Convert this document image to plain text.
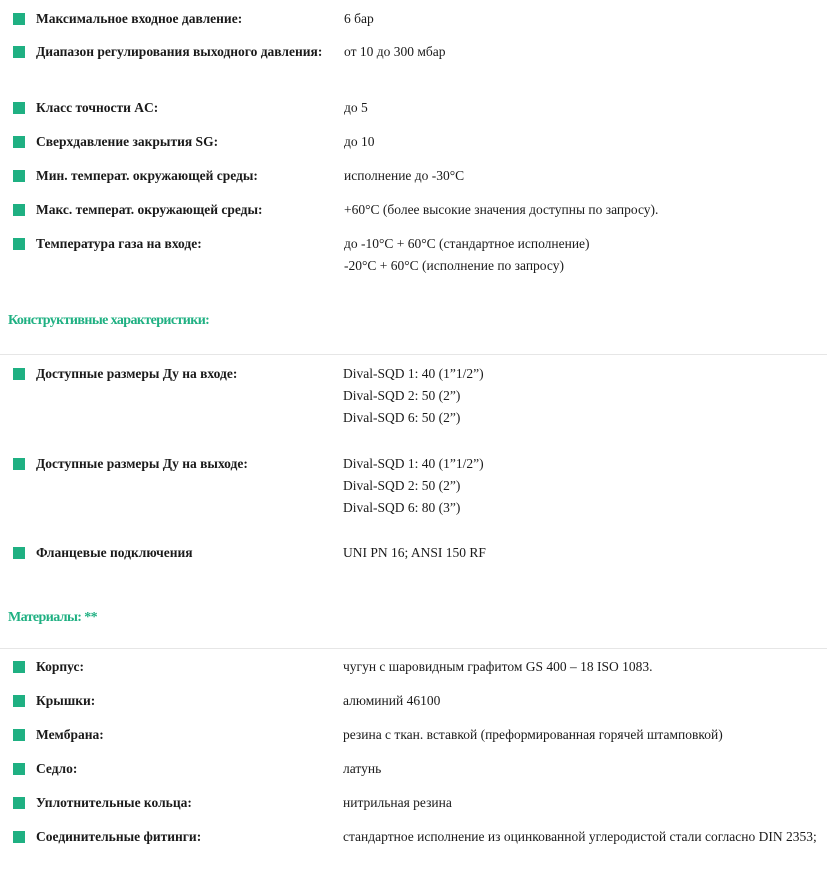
Максимальное входное давление:	6 бар
Диапазон регулирования выходного давления:	от 10 до 300 мбар
Класс точности AC:	до 5
Сверхдавление закрытия SG:	до 10
Мин. температ. окружающей среды:	исполнение до -30°C
Макс. температ. окружающей среды:	+60°C (более высокие значения доступны по запросу).
Температура газа на входе:	до -10°C + 60°C (стандартное исполнение)
-20°C + 60°C (исполнение по запросу)
Конструктивные характеристики:
Доступные размеры Ду на входе:	Dival-SQD 1: 40 (1”1/2”)
Dival-SQD 2: 50 (2”)
Dival-SQD 6: 50 (2”)
Доступные размеры Ду на выходе:	Dival-SQD 1: 40 (1”1/2”)
Dival-SQD 2: 50 (2”)
Dival-SQD 6: 80 (3”)
Фланцевые подключения	UNI PN 16; ANSI 150 RF
Материалы: **
Корпус:	чугун с шаровидным графитом GS 400 – 18 ISO 1083.
Крышки:	алюминий 46100
Мембрана:	резина с ткан. вставкой (преформированная горячей штамповкой)
Седло:	латунь
Уплотнительные кольца:	нитрильная резина
Соединительные фитинги:	стандартное исполнение из оцинкованной углеродистой стали согласно DIN 2353;
